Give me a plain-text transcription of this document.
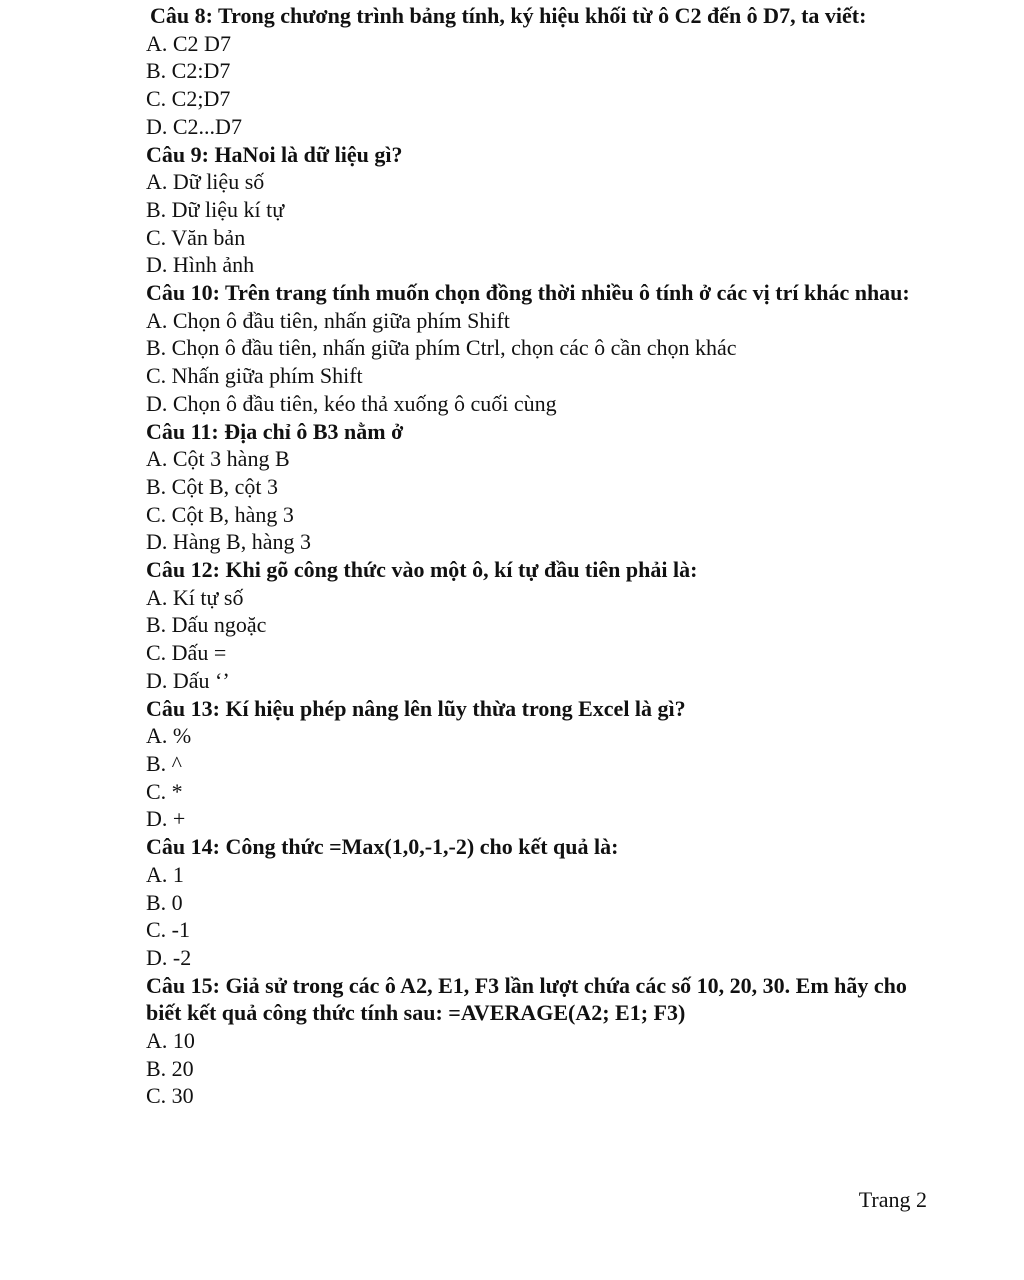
Câu 8: Trong chương trình bảng tính, ký hiệu khối từ ô C2 đến ô D7, ta viết:
A. C2 D7
B. C2:D7
C. C2;D7
D. C2...D7
Câu 9: HaNoi là dữ liệu gì?
A. Dữ liệu số
B. Dữ liệu kí tự
C. Văn bản
D. Hình ảnh
Câu 10: Trên trang tính muốn chọn đồng thời nhiều ô tính ở các vị trí khác nhau:
A. Chọn ô đầu tiên, nhấn giữa phím Shift
B. Chọn ô đầu tiên, nhấn giữa phím Ctrl, chọn các ô cần chọn khác
C. Nhấn giữa phím Shift
D. Chọn ô đầu tiên, kéo thả xuống ô cuối cùng
Câu 11: Địa chỉ ô B3 nằm ở
A. Cột 3 hàng B
B. Cột B, cột 3
C. Cột B, hàng 3
D. Hàng B, hàng 3
Câu 12: Khi gõ công thức vào một ô, kí tự đầu tiên phải là:
A. Kí tự số
B. Dấu ngoặc
C. Dấu =
D. Dấu ‘’
Câu 13: Kí hiệu phép nâng lên lũy thừa trong Excel là gì?
A. %
B. ^
C. *
D. +
Câu 14: Công thức =Max(1,0,-1,-2) cho kết quả là:
A. 1
B. 0
C. -1
D. -2
Câu 15: Giả sử trong các ô A2, E1, F3 lần lượt chứa các số 10, 20, 30. Em hãy cho biết kết quả công thức tính sau: =AVERAGE(A2; E1; F3)
A. 10
B. 20
C. 30
Trang 2
